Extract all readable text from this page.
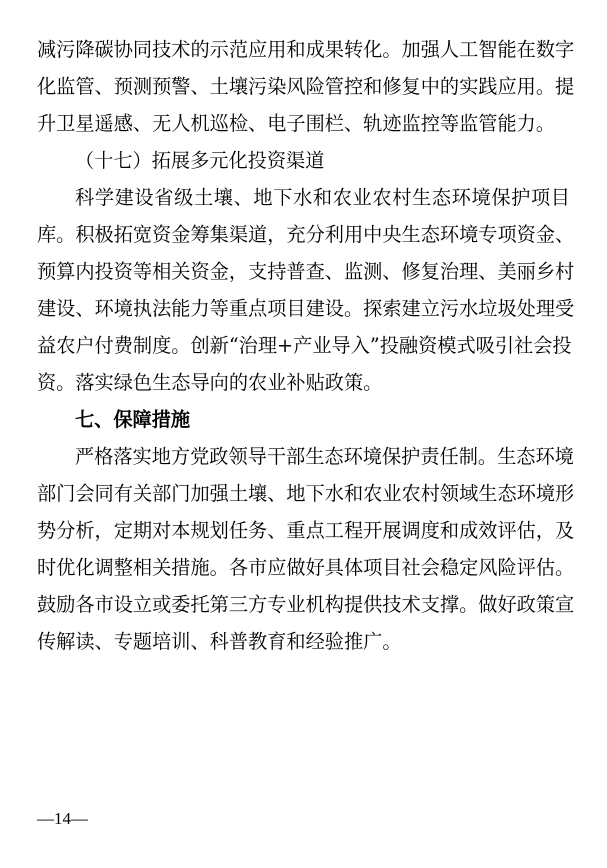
减污降碳协同技术的示范应用和成果转化。加强人工智能在数字
化监管、预测预警、土壤污染风险管控和修复中的实践应用。提
升卫星遥感、无人机巡检、电子围栏、轨迹监控等监管能力。
（十七）拓展多元化投资渠道
科学建设省级土壤、地下水和农业农村生态环境保护项目
库。积极拓宽资金筹集渠道，充分利用中央生态环境专项资金、
预算内投资等相关资金，支持普查、监测、修复治理、美丽乡村
建设、环境执法能力等重点项目建设。探索建立污水垃圾处理受
益农户付费制度。创新“治理+产业导入”投融资模式吸引社会投
资。落实绿色生态导向的农业补贴政策。
七、保障措施
严格落实地方党政领导干部生态环境保护责任制。生态环境
部门会同有关部门加强土壤、地下水和农业农村领域生态环境形
势分析，定期对本规划任务、重点工程开展调度和成效评估，及
时优化调整相关措施。各市应做好具体项目社会稳定风险评估。
鼓励各市设立或委托第三方专业机构提供技术支撑。做好政策宣
传解读、专题培训、科普教育和经验推广。
—14—
